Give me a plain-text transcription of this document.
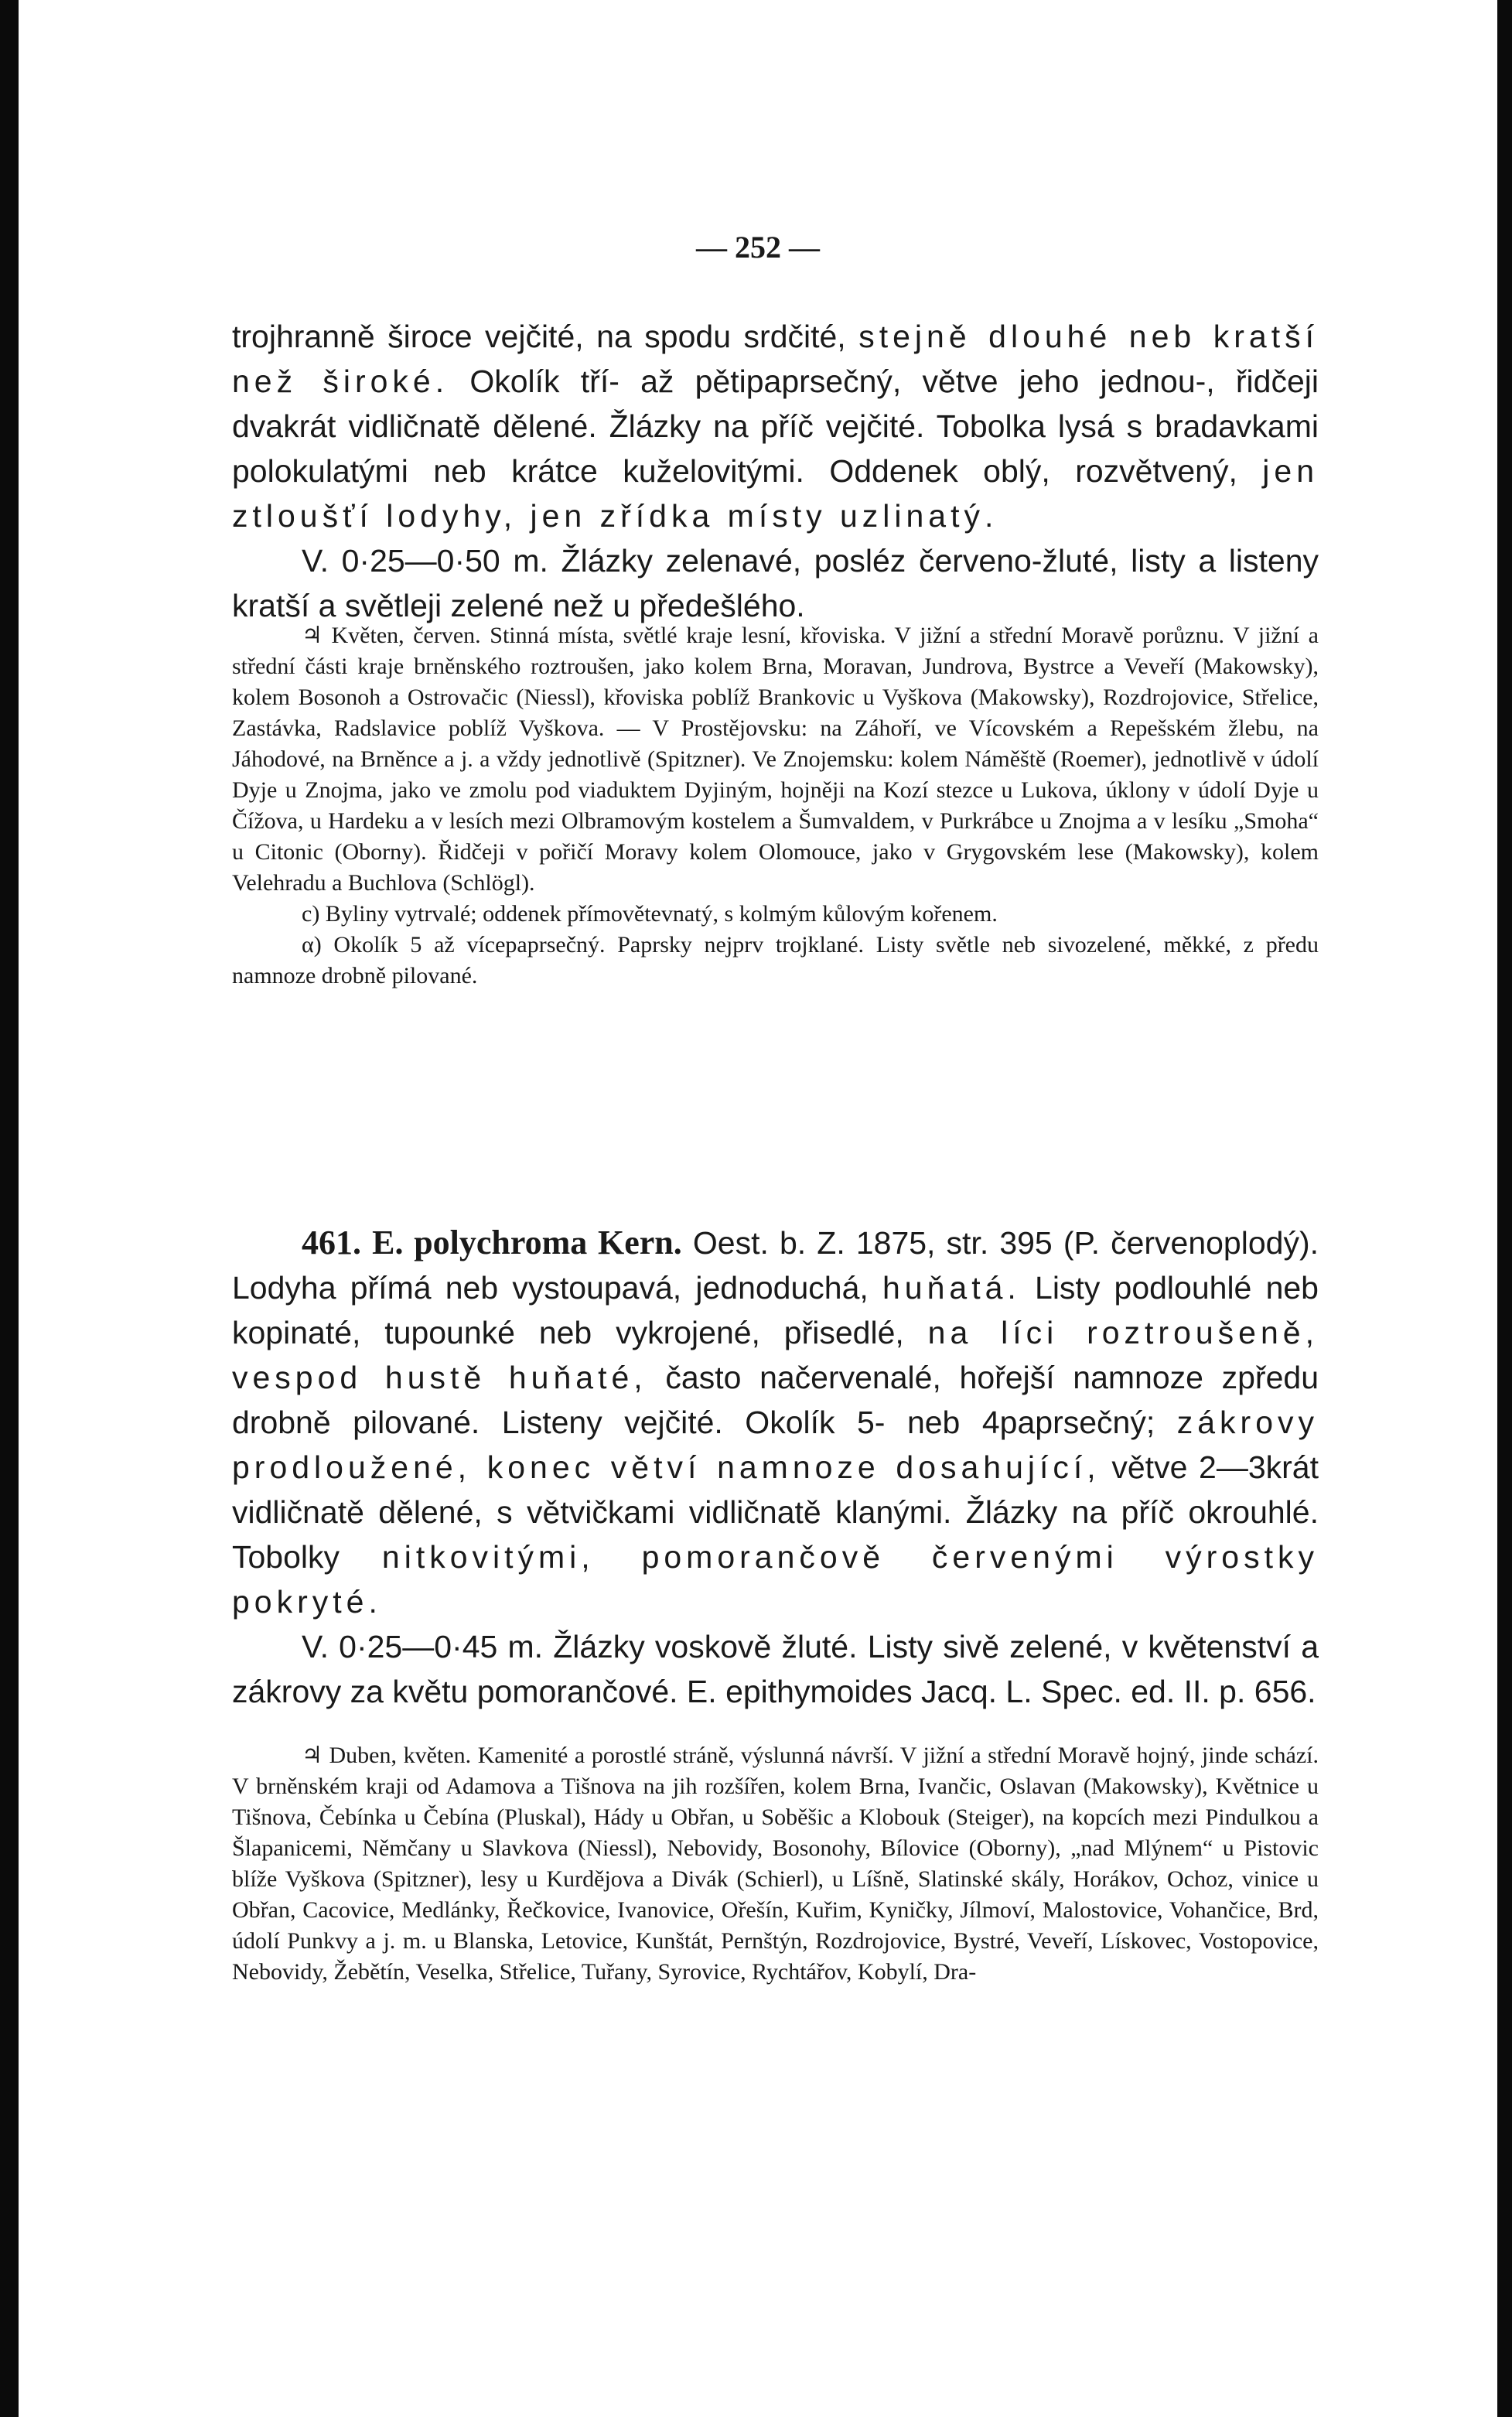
— 252 —

trojhranně široce vejčité, na spodu srdčité, stejně dlouhé neb kratší než široké. Okolík tří- až pětipaprsečný, větve jeho jednou-, řidčeji dvakrát vidličnatě dělené. Žlázky na příč vejčité. Tobolka lysá s bradavkami polokulatými neb krátce kuželovitými. Oddenek oblý, rozvětvený, jen ztloušťí lodyhy, jen zřídka místy uzlinatý.

V. 0·25—0·50 m. Žlázky zelenavé, posléz červeno-žluté, listy a listeny kratší a světleji zelené než u předešlého.

♃ Květen, červen. Stinná místa, světlé kraje lesní, křoviska. V jižní a střední Moravě porůznu. V jižní a střední části kraje brněnského roztroušen, jako kolem Brna, Moravan, Jundrova, Bystrce a Veveří (Makowsky), kolem Bosonoh a Ostrovačic (Niessl), křoviska poblíž Brankovic u Vyškova (Makowsky), Rozdrojovice, Střelice, Zastávka, Radslavice poblíž Vyškova. — V Prostějovsku: na Záhoří, ve Vícovském a Repešském žlebu, na Jáhodové, na Brněnce a j. a vždy jednotlivě (Spitzner). Ve Znojemsku: kolem Náměště (Roemer), jednotlivě v údolí Dyje u Znojma, jako ve zmolu pod viaduktem Dyjiným, hojněji na Kozí stezce u Lukova, úklony v údolí Dyje u Čížova, u Hardeku a v lesích mezi Olbramovým kostelem a Šumvaldem, v Purkrábce u Znojma a v lesíku „Smoha“ u Citonic (Oborny). Řidčeji v pořičí Moravy kolem Olomouce, jako v Grygovském lese (Makowsky), kolem Velehradu a Buchlova (Schlögl).

c) Byliny vytrvalé; oddenek přímovětevnatý, s kolmým kůlovým kořenem.

α) Okolík 5 až vícepaprsečný. Paprsky nejprv trojklané. Listy světle neb sivozelené, měkké, z předu namnoze drobně pilované.

461. E. polychroma Kern. Oest. b. Z. 1875, str. 395 (P. červenoplodý). Lodyha přímá neb vystoupavá, jednoduchá, huňatá. Listy podlouhlé neb kopinaté, tupounké neb vykrojené, přisedlé, na líci roztroušeně, vespod hustě huňaté, často načervenalé, hořejší namnoze zpředu drobně pilované. Listeny vejčité. Okolík 5- neb 4paprsečný; zákrovy prodloužené, konec větví namnoze dosahující, větve 2—3krát vidličnatě dělené, s větvičkami vidličnatě klanými. Žlázky na příč okrouhlé. Tobolky nitkovitými, pomorančově červenými výrostky pokryté.

V. 0·25—0·45 m. Žlázky voskově žluté. Listy sivě zelené, v květenství a zákrovy za květu pomorančové. E. epithymoides Jacq. L. Spec. ed. II. p. 656.

♃ Duben, květen. Kamenité a porostlé stráně, výslunná návrší. V jižní a střední Moravě hojný, jinde schází. V brněnském kraji od Adamova a Tišnova na jih rozšířen, kolem Brna, Ivančic, Oslavan (Makowsky), Květnice u Tišnova, Čebínka u Čebína (Pluskal), Hády u Obřan, u Soběšic a Klobouk (Steiger), na kopcích mezi Pindulkou a Šlapanicemi, Němčany u Slavkova (Niessl), Nebovidy, Bosonohy, Bílovice (Oborny), „nad Mlýnem“ u Pistovic blíže Vyškova (Spitzner), lesy u Kurdějova a Divák (Schierl), u Líšně, Slatinské skály, Horákov, Ochoz, vinice u Obřan, Cacovice, Medlánky, Řečkovice, Ivanovice, Ořešín, Kuřim, Kyničky, Jílmoví, Malostovice, Vohančice, Brd, údolí Punkvy a j. m. u Blanska, Letovice, Kunštát, Pernštýn, Rozdrojovice, Bystré, Veveří, Lískovec, Vostopovice, Nebovidy, Žebětín, Veselka, Střelice, Tuřany, Syrovice, Rychtářov, Kobylí, Dra-
